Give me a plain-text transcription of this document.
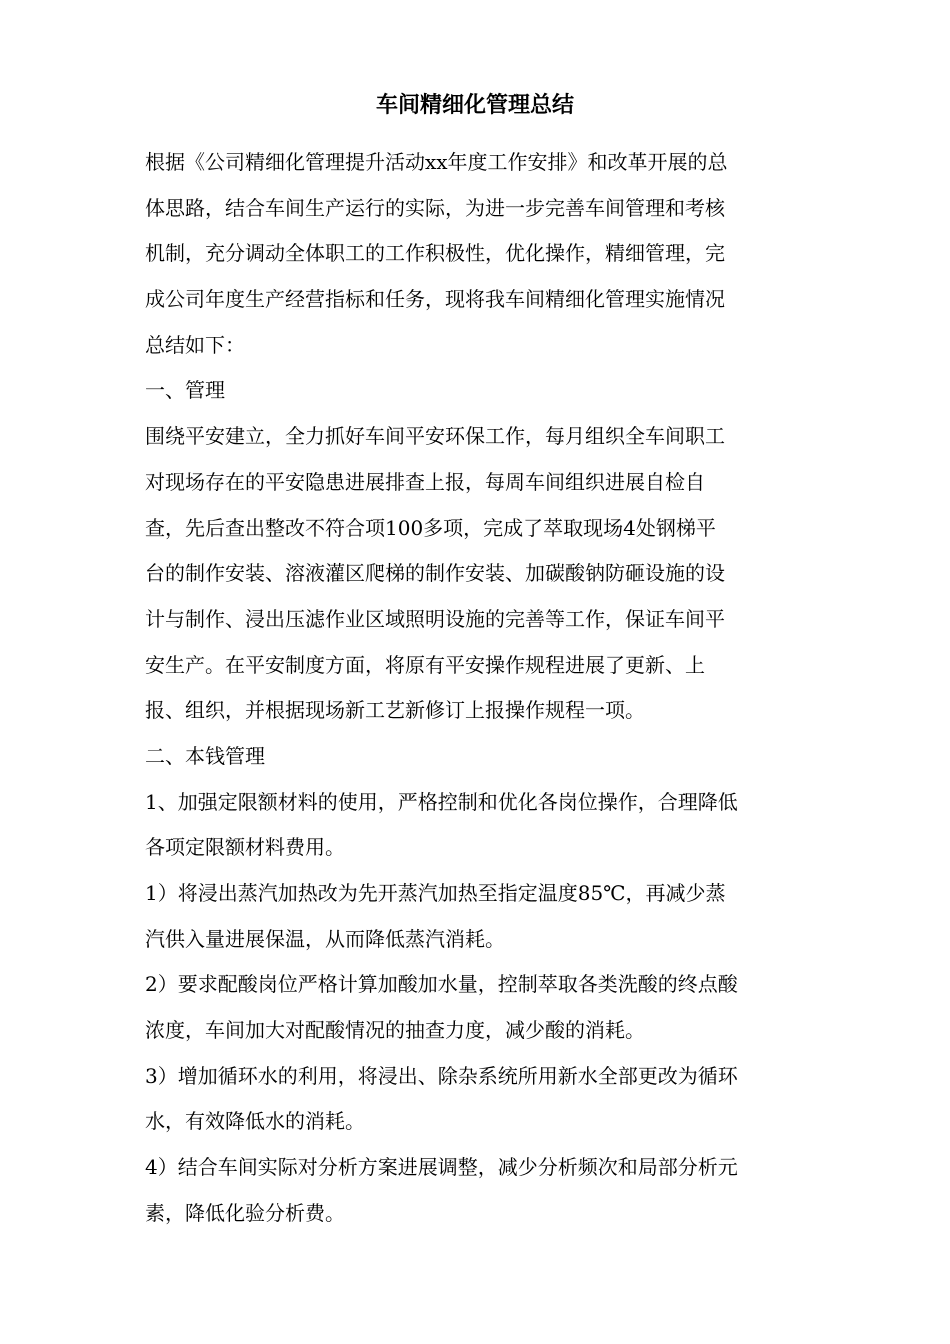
车间精细化管理总结
根据《公司精细化管理提升活动xx年度工作安排》和改革开展的总
体思路，结合车间生产运行的实际，为进一步完善车间管理和考核
机制，充分调动全体职工的工作积极性，优化操作，精细管理，完
成公司年度生产经营指标和任务，现将我车间精细化管理实施情况
总结如下：
一、管理
围绕平安建立，全力抓好车间平安环保工作，每月组织全车间职工
对现场存在的平安隐患进展排查上报，每周车间组织进展自检自
查，先后查出整改不符合项100多项，完成了萃取现场4处钢梯平
台的制作安装、溶液灌区爬梯的制作安装、加碳酸钠防砸设施的设
计与制作、浸出压滤作业区域照明设施的完善等工作，保证车间平
安生产。在平安制度方面，将原有平安操作规程进展了更新、上
报、组织，并根据现场新工艺新修订上报操作规程一项。
二、本钱管理
1、加强定限额材料的使用，严格控制和优化各岗位操作，合理降低
各项定限额材料费用。
1）将浸出蒸汽加热改为先开蒸汽加热至指定温度85℃，再减少蒸
汽供入量进展保温，从而降低蒸汽消耗。
2）要求配酸岗位严格计算加酸加水量，控制萃取各类洗酸的终点酸
浓度，车间加大对配酸情况的抽查力度，减少酸的消耗。
3）增加循环水的利用，将浸出、除杂系统所用新水全部更改为循环
水，有效降低水的消耗。
4）结合车间实际对分析方案进展调整，减少分析频次和局部分析元
素，降低化验分析费。
